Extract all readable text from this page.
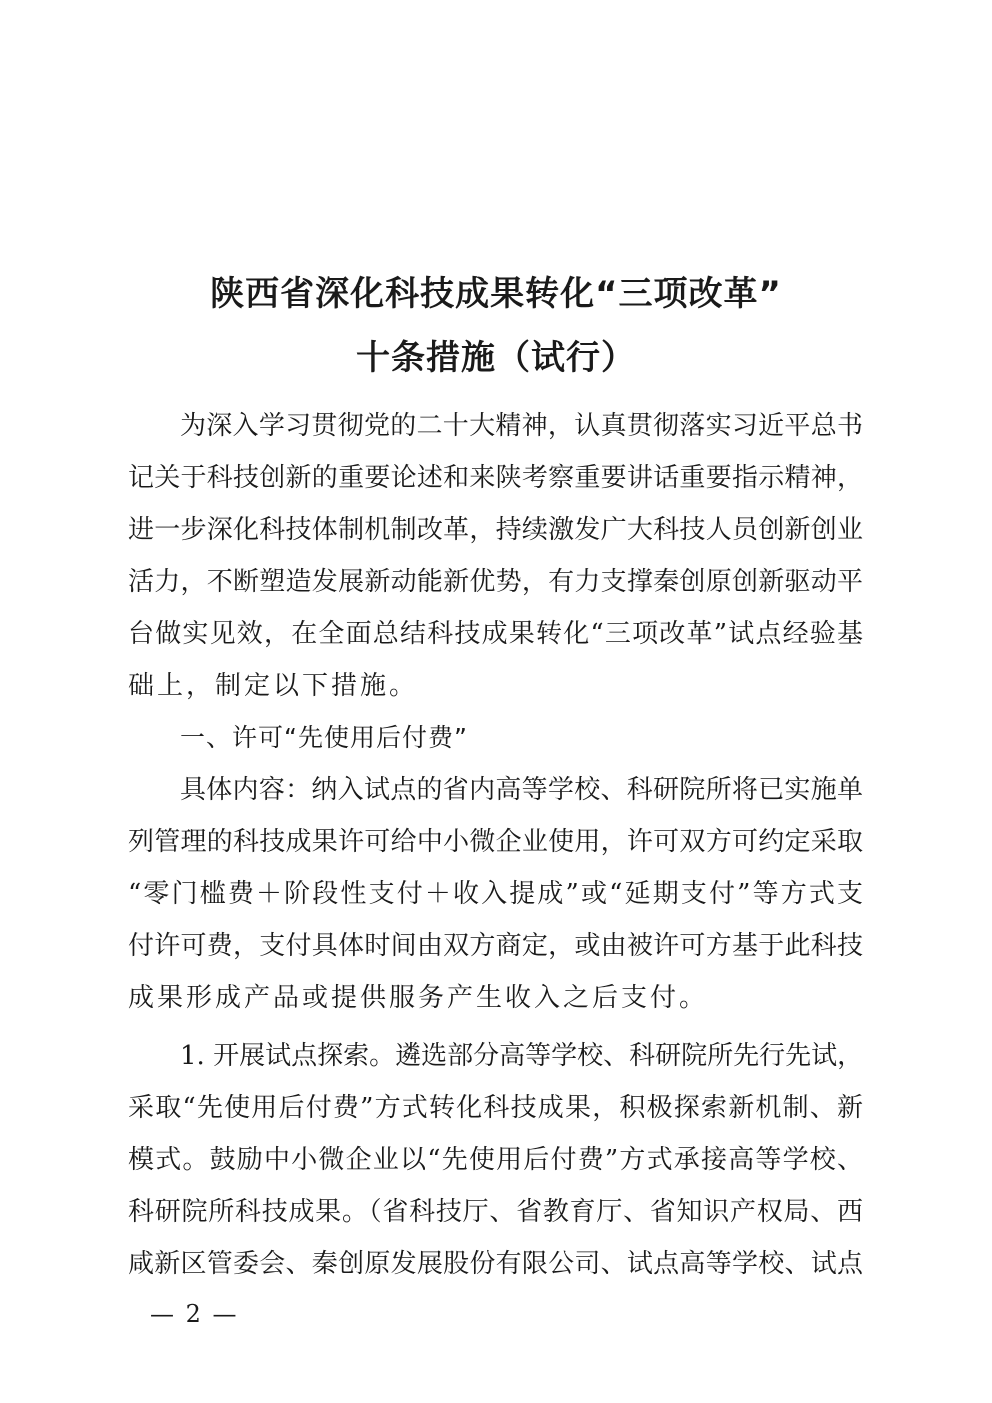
陕西省深化科技成果转化“三项改革”
十条措施（试行）
为深入学习贯彻党的二十大精神，认真贯彻落实习近平总书
记关于科技创新的重要论述和来陕考察重要讲话重要指示精神，
进一步深化科技体制机制改革，持续激发广大科技人员创新创业
活力，不断塑造发展新动能新优势，有力支撑秦创原创新驱动平
台做实见效，在全面总结科技成果转化“三项改革”试点经验基
础上，制定以下措施。
一、许可“先使用后付费”
具体内容：纳入试点的省内高等学校、科研院所将已实施单
列管理的科技成果许可给中小微企业使用，许可双方可约定采取
“零门槛费＋阶段性支付＋收入提成”或“延期支付”等方式支
付许可费，支付具体时间由双方商定，或由被许可方基于此科技
成果形成产品或提供服务产生收入之后支付。
1. 开展试点探索。遴选部分高等学校、科研院所先行先试，
采取“先使用后付费”方式转化科技成果，积极探索新机制、新
模式。鼓励中小微企业以“先使用后付费”方式承接高等学校、
科研院所科技成果。（省科技厅、省教育厅、省知识产权局、西
咸新区管委会、秦创原发展股份有限公司、试点高等学校、试点
— 2 —
